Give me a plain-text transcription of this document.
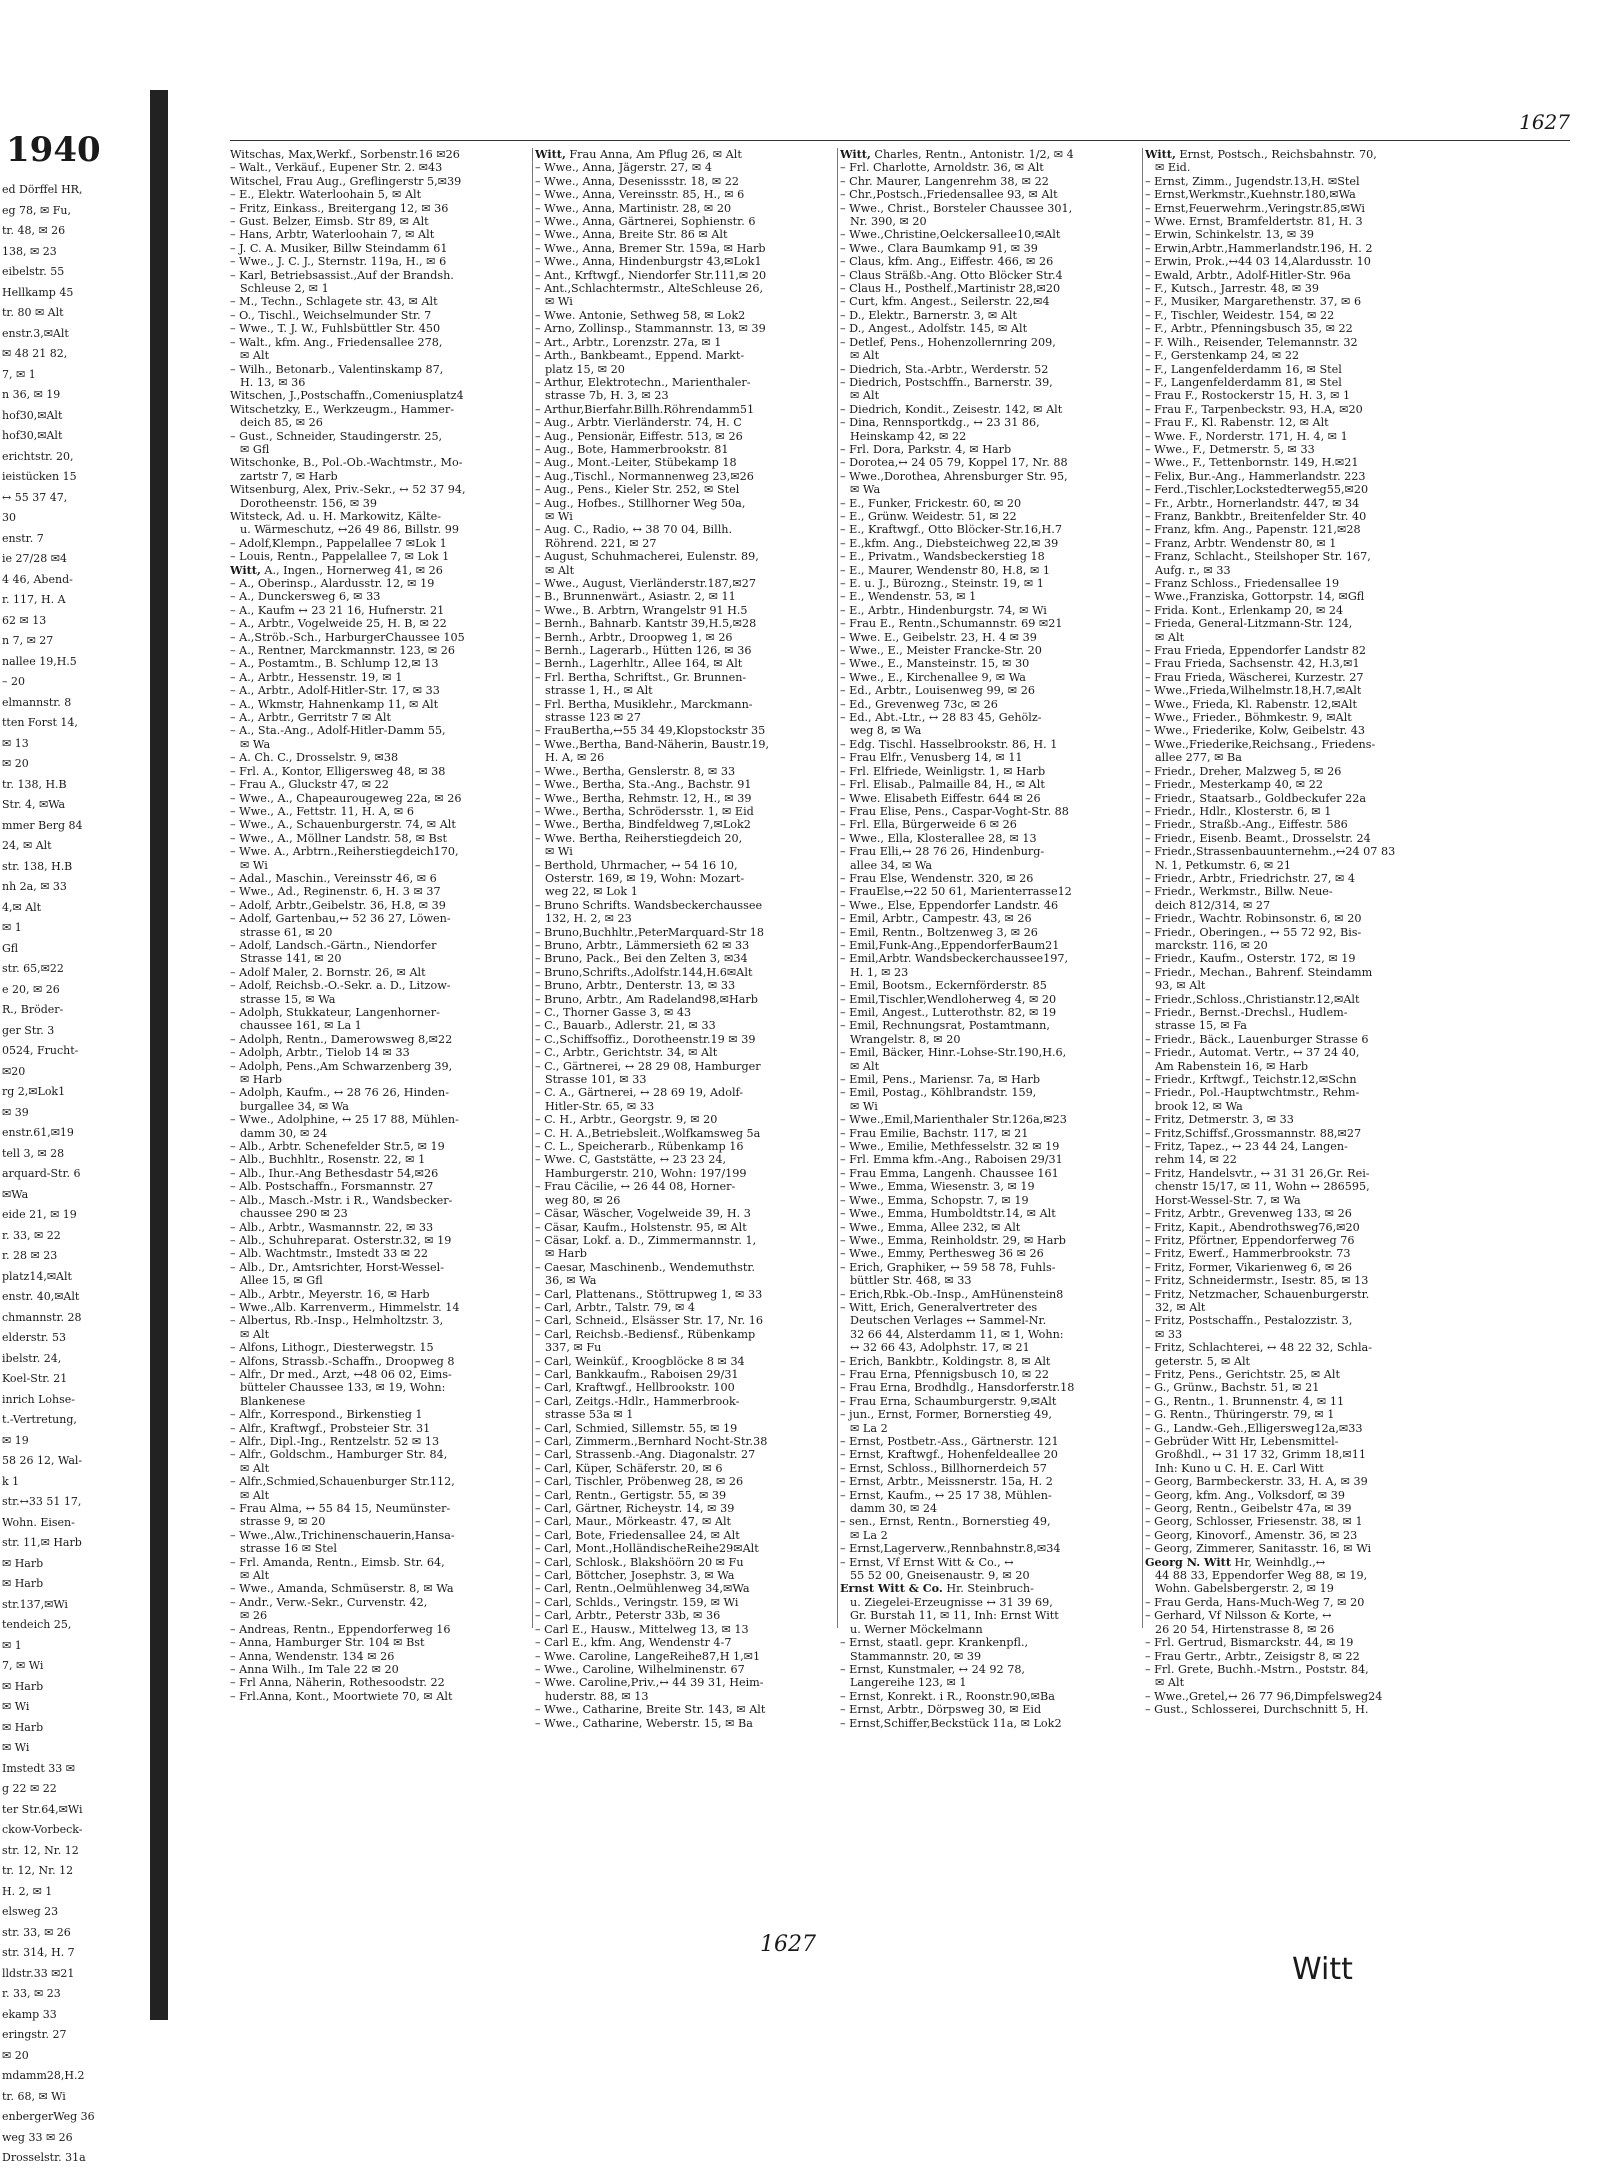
1940
ed Dörffel HR,
eg 78, ✉ Fu,
tr. 48, ✉ 26
138, ✉ 23
eibelstr. 55
Hellkamp 45
tr. 80 ✉ Alt
enstr.3,✉Alt
✉ 48 21 82,
7, ✉ 1
n 36, ✉ 19
hof30,✉Alt
hof30,✉Alt
erichtstr. 20,
ieistücken 15
↔ 55 37 47,
30
enstr. 7
ie 27/28 ✉4
4 46, Abend-
r. 117, H. A
62 ✉ 13
n 7, ✉ 27
nallee 19,H.5
– 20
elmannstr. 8
tten Forst 14,
✉ 13
✉ 20
tr. 138, H.B
Str. 4, ✉Wa
mmer Berg 84
24, ✉ Alt
str. 138, H.B
nh 2a, ✉ 33
4,✉ Alt
✉ 1
Gfl
str. 65,✉22
e 20, ✉ 26
R., Bröder-
ger Str. 3
0524, Frucht-
✉20
rg 2,✉Lok1
✉ 39
enstr.61,✉19
tell 3, ✉ 28
arquard-Str. 6
✉Wa
eide 21, ✉ 19
r. 33, ✉ 22
r. 28 ✉ 23
platz14,✉Alt
enstr. 40,✉Alt
chmannstr. 28
elderstr. 53
ibelstr. 24,
Koel-Str. 21
inrich Lohse-
t.-Vertretung,
✉ 19
58 26 12, Wal-
k 1
str.↔33 51 17,
Wohn. Eisen-
str. 11,✉ Harb
✉ Harb
✉ Harb
str.137,✉Wi
tendeich 25,
✉ 1
7, ✉ Wi
✉ Harb
✉ Wi
✉ Harb
✉ Wi
Imstedt 33 ✉
g 22 ✉ 22
ter Str.64,✉Wi
ckow-Vorbeck-
str. 12, Nr. 12
tr. 12, Nr. 12
H. 2, ✉ 1
elsweg 23
str. 33, ✉ 26
str. 314, H. 7
lldstr.33 ✉21
r. 33, ✉ 23
ekamp 33
eringstr. 27
✉ 20
mdamm28,H.2
tr. 68, ✉ Wi
enbergerWeg 36
weg 33 ✉ 26
Drosselstr. 31a
1627
Witschas, Max,Werkf., Sorbenstr.16 ✉26
– Walt., Verkäuf., Eupener Str. 2. ✉43
Witschel, Frau Aug., Greflingerstr 5,✉39
– E., Elektr. Waterloohain 5, ✉ Alt
– Fritz, Einkass., Breitergang 12, ✉ 36
– Gust. Belzer, Eimsb. Str 89, ✉ Alt
– Hans, Arbtr, Waterloohain 7, ✉ Alt
– J. C. A. Musiker, Billw Steindamm 61
– Wwe., J. C. J., Sternstr. 119a, H., ✉ 6
– Karl, Betriebsassist.,Auf der Brandsh.
Schleuse 2, ✉ 1
– M., Techn., Schlagete str. 43, ✉ Alt
– O., Tischl., Weichselmunder Str. 7
– Wwe., T. J. W., Fuhlsbüttler Str. 450
– Walt., kfm. Ang., Friedensallee 278,
✉ Alt
– Wilh., Betonarb., Valentinskamp 87,
H. 13, ✉ 36
Witschen, J.,Postschaffn.,Comeniusplatz4
Witschetzky, E., Werkzeugm., Hammer-
deich 85, ✉ 26
– Gust., Schneider, Staudingerstr. 25,
✉ Gfl
Witschonke, B., Pol.-Ob.-Wachtmstr., Mo-
zartstr 7, ✉ Harb
Witsenburg, Alex, Priv.-Sekr., ↔ 52 37 94,
Dorotheenstr. 156, ✉ 39
Witsteck, Ad. u. H. Markowitz, Kälte-
u. Wärmeschutz, ↔26 49 86, Billstr. 99
– Adolf,Klempn., Pappelallee 7 ✉Lok 1
– Louis, Rentn., Pappelallee 7, ✉ Lok 1
Witt, A., Ingen., Hornerweg 41, ✉ 26
– A., Oberinsp., Alardusstr. 12, ✉ 19
– A., Dunckersweg 6, ✉ 33
– A., Kaufm ↔ 23 21 16, Hufnerstr. 21
– A., Arbtr., Vogelweide 25, H. B, ✉ 22
– A.,Ströb.-Sch., HarburgerChaussee 105
– A., Rentner, Marckmannstr. 123, ✉ 26
– A., Postamtm., B. Schlump 12,✉ 13
– A., Arbtr., Hessenstr. 19, ✉ 1
– A., Arbtr., Adolf-Hitler-Str. 17, ✉ 33
– A., Wkmstr, Hahnenkamp 11, ✉ Alt
– A., Arbtr., Gerritstr 7 ✉ Alt
– A., Sta.-Ang., Adolf-Hitler-Damm 55,
✉ Wa
– A. Ch. C., Drosselstr. 9, ✉38
– Frl. A., Kontor, Elligersweg 48, ✉ 38
– Frau A., Gluckstr 47, ✉ 22
– Wwe., A., Chapeaurougeweg 22a, ✉ 26
– Wwe., A., Fettstr. 11, H. A, ✉ 6
– Wwe., A., Schauenburgerstr. 74, ✉ Alt
– Wwe., A., Möllner Landstr. 58, ✉ Bst
– Wwe. A., Arbtrn.,Reiherstiegdeich170,
✉ Wi
– Adal., Maschin., Vereinsstr 46, ✉ 6
– Wwe., Ad., Reginenstr. 6, H. 3 ✉ 37
– Adolf, Arbtr.,Geibelstr. 36, H.8, ✉ 39
– Adolf, Gartenbau,↔ 52 36 27, Löwen-
strasse 61, ✉ 20
– Adolf, Landsch.-Gärtn., Niendorfer
Strasse 141, ✉ 20
– Adolf Maler, 2. Bornstr. 26, ✉ Alt
– Adolf, Reichsb.-O.-Sekr. a. D., Litzow-
strasse 15, ✉ Wa
– Adolph, Stukkateur, Langenhorner-
chaussee 161, ✉ La 1
– Adolph, Rentn., Damerowsweg 8,✉22
– Adolph, Arbtr., Tielob 14 ✉ 33
– Adolph, Pens.,Am Schwarzenberg 39,
✉ Harb
– Adolph, Kaufm., ↔ 28 76 26, Hinden-
burgallee 34, ✉ Wa
– Wwe., Adolphine, ↔ 25 17 88, Mühlen-
damm 30, ✉ 24
– Alb., Arbtr. Schenefelder Str.5, ✉ 19
– Alb., Buchhltr., Rosenstr. 22, ✉ 1
– Alb., Ihur.-Ang Bethesdastr 54,✉26
– Alb. Postschaffn., Forsmannstr. 27
– Alb., Masch.-Mstr. i R., Wandsbecker-
chaussee 290 ✉ 23
– Alb., Arbtr., Wasmannstr. 22, ✉ 33
– Alb., Schuhreparat. Osterstr.32, ✉ 19
– Alb. Wachtmstr., Imstedt 33 ✉ 22
– Alb., Dr., Amtsrichter, Horst-Wessel-
Allee 15, ✉ Gfl
– Alb., Arbtr., Meyerstr. 16, ✉ Harb
– Wwe.,Alb. Karrenverm., Himmelstr. 14
– Albertus, Rb.-Insp., Helmholtzstr. 3,
✉ Alt
– Alfons, Lithogr., Diesterwegstr. 15
– Alfons, Strassb.-Schaffn., Droopweg 8
– Alfr., Dr med., Arzt, ↔48 06 02, Eims-
bütteler Chaussee 133, ✉ 19, Wohn:
Blankenese
– Alfr., Korrespond., Birkenstieg 1
– Alfr., Kraftwgf., Probsteier Str. 31
– Alfr., Dipl.-Ing., Rentzelstr. 52 ✉ 13
– Alfr., Goldschm., Hamburger Str. 84,
✉ Alt
– Alfr.,Schmied,Schauenburger Str.112,
✉ Alt
– Frau Alma, ↔ 55 84 15, Neumünster-
strasse 9, ✉ 20
– Wwe.,Alw.,Trichinenschauerin,Hansa-
strasse 16 ✉ Stel
– Frl. Amanda, Rentn., Eimsb. Str. 64,
✉ Alt
– Wwe., Amanda, Schmüserstr. 8, ✉ Wa
– Andr., Verw.-Sekr., Curvenstr. 42,
✉ 26
– Andreas, Rentn., Eppendorferweg 16
– Anna, Hamburger Str. 104 ✉ Bst
– Anna, Wendenstr. 134 ✉ 26
– Anna Wilh., Im Tale 22 ✉ 20
– Frl Anna, Näherin, Rothesoodstr. 22
– Frl.Anna, Kont., Moortwiete 70, ✉ Alt
Witt, Frau Anna, Am Pflug 26, ✉ Alt
– Wwe., Anna, Jägerstr. 27, ✉ 4
– Wwe., Anna, Desenissstr. 18, ✉ 22
– Wwe., Anna, Vereinsstr. 85, H., ✉ 6
– Wwe., Anna, Martinistr. 28, ✉ 20
– Wwe., Anna, Gärtnerei, Sophienstr. 6
– Wwe., Anna, Breite Str. 86 ✉ Alt
– Wwe., Anna, Bremer Str. 159a, ✉ Harb
– Wwe., Anna, Hindenburgstr 43,✉Lok1
– Ant., Krftwgf., Niendorfer Str.111,✉ 20
– Ant.,Schlachtermstr., AlteSchleuse 26,
✉ Wi
– Wwe. Antonie, Sethweg 58, ✉ Lok2
– Arno, Zollinsp., Stammannstr. 13, ✉ 39
– Art., Arbtr., Lorenzstr. 27a, ✉ 1
– Arth., Bankbeamt., Eppend. Markt-
platz 15, ✉ 20
– Arthur, Elektrotechn., Marienthaler-
strasse 7b, H. 3, ✉ 23
– Arthur,Bierfahr.Billh.Röhrendamm51
– Aug., Arbtr. Vierländerstr. 74, H. C
– Aug., Pensionär, Eiffestr. 513, ✉ 26
– Aug., Bote, Hammerbrookstr. 81
– Aug., Mont.-Leiter, Stübekamp 18
– Aug.,Tischl., Normannenweg 23,✉26
– Aug., Pens., Kieler Str. 252, ✉ Stel
– Aug., Hofbes., Stillhorner Weg 50a,
✉ Wi
– Aug. C., Radio, ↔ 38 70 04, Billh.
Röhrend. 221, ✉ 27
– August, Schuhmacherei, Eulenstr. 89,
✉ Alt
– Wwe., August, Vierländerstr.187,✉27
– B., Brunnenwärt., Asiastr. 2, ✉ 11
– Wwe., B. Arbtrn, Wrangelstr 91 H.5
– Bernh., Bahnarb. Kantstr 39,H.5,✉28
– Bernh., Arbtr., Droopweg 1, ✉ 26
– Bernh., Lagerarb., Hütten 126, ✉ 36
– Bernh., Lagerhltr., Allee 164, ✉ Alt
– Frl. Bertha, Schriftst., Gr. Brunnen-
strasse 1, H., ✉ Alt
– Frl. Bertha, Musiklehr., Marckmann-
strasse 123 ✉ 27
– FrauBertha,↔55 34 49,Klopstockstr 35
– Wwe.,Bertha, Band-Näherin, Baustr.19,
H. A, ✉ 26
– Wwe., Bertha, Genslerstr. 8, ✉ 33
– Wwe., Bertha, Sta.-Ang., Bachstr. 91
– Wwe., Bertha, Rehmstr. 12, H., ✉ 39
– Wwe., Bertha, Schrödersstr. 1, ✉ Eid
– Wwe., Bertha, Bindfeldweg 7,✉Lok2
– Wwe. Bertha, Reiherstiegdeich 20,
✉ Wi
– Berthold, Uhrmacher, ↔ 54 16 10,
Osterstr. 169, ✉ 19, Wohn: Mozart-
weg 22, ✉ Lok 1
– Bruno Schrifts. Wandsbeckerchaussee
132, H. 2, ✉ 23
– Bruno,Buchhltr.,PeterMarquard-Str 18
– Bruno, Arbtr., Lämmersieth 62 ✉ 33
– Bruno, Pack., Bei den Zelten 3, ✉34
– Bruno,Schrifts.,Adolfstr.144,H.6✉Alt
– Bruno, Arbtr., Denterstr. 13, ✉ 33
– Bruno, Arbtr., Am Radeland98,✉Harb
– C., Thorner Gasse 3, ✉ 43
– C., Bauarb., Adlerstr. 21, ✉ 33
– C.,Schiffsoffiz., Dorotheenstr.19 ✉ 39
– C., Arbtr., Gerichtstr. 34, ✉ Alt
– C., Gärtnerei, ↔ 28 29 08, Hamburger
Strasse 101, ✉ 33
– C. A., Gärtnerei, ↔ 28 69 19, Adolf-
Hitler-Str. 65, ✉ 33
– C. H., Arbtr., Georgstr. 9, ✉ 20
– C. H. A.,Betriebsleit.,Wolfkamsweg 5a
– C. L., Speicherarb., Rübenkamp 16
– Wwe. C, Gaststätte, ↔ 23 23 24,
Hamburgerstr. 210, Wohn: 197/199
– Frau Cäcilie, ↔ 26 44 08, Horner-
weg 80, ✉ 26
– Cäsar, Wäscher, Vogelweide 39, H. 3
– Cäsar, Kaufm., Holstenstr. 95, ✉ Alt
– Cäsar, Lokf. a. D., Zimmermannstr. 1,
✉ Harb
– Caesar, Maschinenb., Wendemuthstr.
36, ✉ Wa
– Carl, Plattenans., Stöttrupweg 1, ✉ 33
– Carl, Arbtr., Talstr. 79, ✉ 4
– Carl, Schneid., Elsässer Str. 17, Nr. 16
– Carl, Reichsb.-Bediensf., Rübenkamp
337, ✉ Fu
– Carl, Weinküf., Kroogblöcke 8 ✉ 34
– Carl, Bankkaufm., Raboisen 29/31
– Carl, Kraftwgf., Hellbrookstr. 100
– Carl, Zeitgs.-Hdlr., Hammerbrook-
strasse 53a ✉ 1
– Carl, Schmied, Sillemstr. 55, ✉ 19
– Carl, Zimmerm.,Bernhard Nocht-Str.38
– Carl, Strassenb.-Ang. Diagonalstr. 27
– Carl, Küper, Schäferstr. 20, ✉ 6
– Carl, Tischler, Pröbenweg 28, ✉ 26
– Carl, Rentn., Gertigstr. 55, ✉ 39
– Carl, Gärtner, Richeystr. 14, ✉ 39
– Carl, Maur., Mörkeastr. 47, ✉ Alt
– Carl, Bote, Friedensallee 24, ✉ Alt
– Carl, Mont.,HolländischeReihe29✉Alt
– Carl, Schlosk., Blakshöörn 20 ✉ Fu
– Carl, Böttcher, Josephstr. 3, ✉ Wa
– Carl, Rentn.,Oelmühlenweg 34,✉Wa
– Carl, Schlds., Veringstr. 159, ✉ Wi
– Carl, Arbtr., Peterstr 33b, ✉ 36
– Carl E., Hausw., Mittelweg 13, ✉ 13
– Carl E., kfm. Ang, Wendenstr 4-7
– Wwe. Caroline, LangeReihe87,H 1,✉1
– Wwe., Caroline, Wilhelminenstr. 67
– Wwe. Caroline,Priv.,↔ 44 39 31, Heim-
huderstr. 88, ✉ 13
– Wwe., Catharine, Breite Str. 143, ✉ Alt
– Wwe., Catharine, Weberstr. 15, ✉ Ba
Witt, Charles, Rentn., Antonistr. 1/2, ✉ 4
– Frl. Charlotte, Arnoldstr. 36, ✉ Alt
– Chr. Maurer, Langenrehm 38, ✉ 22
– Chr.,Postsch.,Friedensallee 93, ✉ Alt
– Wwe., Christ., Borsteler Chaussee 301,
Nr. 390, ✉ 20
– Wwe.,Christine,Oelckersallee10,✉Alt
– Wwe., Clara Baumkamp 91, ✉ 39
– Claus, kfm. Ang., Eiffestr. 466, ✉ 26
– Claus Sträßb.-Ang. Otto Blöcker Str.4
– Claus H., Posthelf.,Martinistr 28,✉20
– Curt, kfm. Angest., Seilerstr. 22,✉4
– D., Elektr., Barnerstr. 3, ✉ Alt
– D., Angest., Adolfstr. 145, ✉ Alt
– Detlef, Pens., Hohenzollernring 209,
✉ Alt
– Diedrich, Sta.-Arbtr., Werderstr. 52
– Diedrich, Postschffn., Barnerstr. 39,
✉ Alt
– Diedrich, Kondit., Zeisestr. 142, ✉ Alt
– Dina, Rennsportkdg., ↔ 23 31 86,
Heinskamp 42, ✉ 22
– Frl. Dora, Parkstr. 4, ✉ Harb
– Dorotea,↔ 24 05 79, Koppel 17, Nr. 88
– Wwe.,Dorothea, Ahrensburger Str. 95,
✉ Wa
– E., Funker, Frickestr. 60, ✉ 20
– E., Grünw. Weidestr. 51, ✉ 22
– E., Kraftwgf., Otto Blöcker-Str.16,H.7
– E.,kfm. Ang., Diebsteichweg 22,✉ 39
– E., Privatm., Wandsbeckerstieg 18
– E., Maurer, Wendenstr 80, H.8, ✉ 1
– E. u. J., Bürozng., Steinstr. 19, ✉ 1
– E., Wendenstr. 53, ✉ 1
– E., Arbtr., Hindenburgstr. 74, ✉ Wi
– Frau E., Rentn.,Schumannstr. 69 ✉21
– Wwe. E., Geibelstr. 23, H. 4 ✉ 39
– Wwe., E., Meister Francke-Str. 20
– Wwe., E., Mansteinstr. 15, ✉ 30
– Wwe., E., Kirchenallee 9, ✉ Wa
– Ed., Arbtr., Louisenweg 99, ✉ 26
– Ed., Grevenweg 73c, ✉ 26
– Ed., Abt.-Ltr., ↔ 28 83 45, Gehölz-
weg 8, ✉ Wa
– Edg. Tischl. Hasselbrookstr. 86, H. 1
– Frau Elfr., Venusberg 14, ✉ 11
– Frl. Elfriede, Weinligstr. 1, ✉ Harb
– Frl. Elisab., Palmaille 84, H., ✉ Alt
– Wwe. Elisabeth Eiffestr. 644 ✉ 26
– Frau Elise, Pens., Caspar-Voght-Str. 88
– Frl. Ella, Bürgerweide 6 ✉ 26
– Wwe., Ella, Klosterallee 28, ✉ 13
– Frau Elli,↔ 28 76 26, Hindenburg-
allee 34, ✉ Wa
– Frau Else, Wendenstr. 320, ✉ 26
– FrauElse,↔22 50 61, Marienterrasse12
– Wwe., Else, Eppendorfer Landstr. 46
– Emil, Arbtr., Campestr. 43, ✉ 26
– Emil, Rentn., Boltzenweg 3, ✉ 26
– Emil,Funk-Ang.,EppendorferBaum21
– Emil,Arbtr. Wandsbeckerchaussee197,
H. 1, ✉ 23
– Emil, Bootsm., Eckernförderstr. 85
– Emil,Tischler,Wendloherweg 4, ✉ 20
– Emil, Angest., Lutterothstr. 82, ✉ 19
– Emil, Rechnungsrat, Postamtmann,
Wrangelstr. 8, ✉ 20
– Emil, Bäcker, Hinr.-Lohse-Str.190,H.6,
✉ Alt
– Emil, Pens., Mariensr. 7a, ✉ Harb
– Emil, Postag., Köhlbrandstr. 159,
✉ Wi
– Wwe.,Emil,Marienthaler Str.126a,✉23
– Frau Emilie, Bachstr. 117, ✉ 21
– Wwe., Emilie, Methfesselstr. 32 ✉ 19
– Frl. Emma kfm.-Ang., Raboisen 29/31
– Frau Emma, Langenh. Chaussee 161
– Wwe., Emma, Wiesenstr. 3, ✉ 19
– Wwe., Emma, Schopstr. 7, ✉ 19
– Wwe., Emma, Humboldtstr.14, ✉ Alt
– Wwe., Emma, Allee 232, ✉ Alt
– Wwe., Emma, Reinholdstr. 29, ✉ Harb
– Wwe., Emmy, Perthesweg 36 ✉ 26
– Erich, Graphiker, ↔ 59 58 78, Fuhls-
büttler Str. 468, ✉ 33
– Erich,Rbk.-Ob.-Insp., AmHünenstein8
– Witt, Erich, Generalvertreter des
Deutschen Verlages ↔ Sammel-Nr.
32 66 44, Alsterdamm 11, ✉ 1, Wohn:
↔ 32 66 43, Adolphstr. 17, ✉ 21
– Erich, Bankbtr., Koldingstr. 8, ✉ Alt
– Frau Erna, Pfennigsbusch 10, ✉ 22
– Frau Erna, Brodhdlg., Hansdorferstr.18
– Frau Erna, Schaumburgerstr. 9,✉Alt
– jun., Ernst, Former, Bornerstieg 49,
✉ La 2
– Ernst, Postbetr.-Ass., Gärtnerstr. 121
– Ernst, Kraftwgf., Hohenfeldeallee 20
– Ernst, Schloss., Billhornerdeich 57
– Ernst, Arbtr., Meissnerstr. 15a, H. 2
– Ernst, Kaufm., ↔ 25 17 38, Mühlen-
damm 30, ✉ 24
– sen., Ernst, Rentn., Bornerstieg 49,
✉ La 2
– Ernst,Lagerverw.,Rennbahnstr.8,✉34
– Ernst, Vf Ernst Witt & Co., ↔
55 52 00, Gneisenaustr. 9, ✉ 20
Ernst Witt & Co. Hr. Steinbruch-
u. Ziegelei-Erzeugnisse ↔ 31 39 69,
Gr. Burstah 11, ✉ 11, Inh: Ernst Witt
u. Werner Möckelmann
– Ernst, staatl. gepr. Krankenpfl.,
Stammannstr. 20, ✉ 39
– Ernst, Kunstmaler, ↔ 24 92 78,
Langereihe 123, ✉ 1
– Ernst, Konrekt. i R., Roonstr.90,✉Ba
– Ernst, Arbtr., Dörpsweg 30, ✉ Eid
– Ernst,Schiffer,Beckstück 11a, ✉ Lok2
Witt, Ernst, Postsch., Reichsbahnstr. 70,
✉ Eid.
– Ernst, Zimm., Jugendstr.13,H. ✉Stel
– Ernst,Werkmstr.,Kuehnstr.180,✉Wa
– Ernst,Feuerwehrm.,Veringstr.85,✉Wi
– Wwe. Ernst, Bramfeldertstr. 81, H. 3
– Erwin, Schinkelstr. 13, ✉ 39
– Erwin,Arbtr.,Hammerlandstr.196, H. 2
– Erwin, Prok.,↔44 03 14,Alardusstr. 10
– Ewald, Arbtr., Adolf-Hitler-Str. 96a
– F., Kutsch., Jarrestr. 48, ✉ 39
– F., Musiker, Margarethenstr. 37, ✉ 6
– F., Tischler, Weidestr. 154, ✉ 22
– F., Arbtr., Pfenningsbusch 35, ✉ 22
– F. Wilh., Reisender, Telemannstr. 32
– F., Gerstenkamp 24, ✉ 22
– F., Langenfelderdamm 16, ✉ Stel
– F., Langenfelderdamm 81, ✉ Stel
– Frau F., Rostockerstr 15, H. 3, ✉ 1
– Frau F., Tarpenbeckstr. 93, H.A, ✉20
– Frau F., Kl. Rabenstr. 12, ✉ Alt
– Wwe. F., Norderstr. 171, H. 4, ✉ 1
– Wwe., F., Detmerstr. 5, ✉ 33
– Wwe., F., Tettenbornstr. 149, H.✉21
– Felix, Bur.-Ang., Hammerlandstr. 223
– Ferd.,Tischler,Lockstedterweg55,✉20
– Fr., Arbtr., Hornerlandstr. 447, ✉ 34
– Franz, Bankbtr., Breitenfelder Str. 40
– Franz, kfm. Ang., Papenstr. 121,✉28
– Franz, Arbtr. Wendenstr 80, ✉ 1
– Franz, Schlacht., Steilshoper Str. 167,
Aufg. r., ✉ 33
– Franz Schloss., Friedensallee 19
– Wwe.,Franziska, Gottorpstr. 14, ✉Gfl
– Frida. Kont., Erlenkamp 20, ✉ 24
– Frieda, General-Litzmann-Str. 124,
✉ Alt
– Frau Frieda, Eppendorfer Landstr 82
– Frau Frieda, Sachsenstr. 42, H.3,✉1
– Frau Frieda, Wäscherei, Kurzestr. 27
– Wwe.,Frieda,Wilhelmstr.18,H.7,✉Alt
– Wwe., Frieda, Kl. Rabenstr. 12,✉Alt
– Wwe., Frieder., Böhmkestr. 9, ✉Alt
– Wwe., Friederike, Kolw, Geibelstr. 43
– Wwe.,Friederike,Reichsang., Friedens-
allee 277, ✉ Ba
– Friedr., Dreher, Malzweg 5, ✉ 26
– Friedr., Mesterkamp 40, ✉ 22
– Friedr., Staatsarb., Goldbeckufer 22a
– Friedr., Hdlr., Klosterstr. 6, ✉ 1
– Friedr., Straßb.-Ang., Eiffestr. 586
– Friedr., Eisenb. Beamt., Drosselstr. 24
– Friedr.,Strassenbauunternehm.,↔24 07 83
N. 1, Petkumstr. 6, ✉ 21
– Friedr., Arbtr., Friedrichstr. 27, ✉ 4
– Friedr., Werkmstr., Billw. Neue-
deich 812/314, ✉ 27
– Friedr., Wachtr. Robinsonstr. 6, ✉ 20
– Friedr., Oberingen., ↔ 55 72 92, Bis-
marckstr. 116, ✉ 20
– Friedr., Kaufm., Osterstr. 172, ✉ 19
– Friedr., Mechan., Bahrenf. Steindamm
93, ✉ Alt
– Friedr.,Schloss.,Christianstr.12,✉Alt
– Friedr., Bernst.-Drechsl., Hudlem-
strasse 15, ✉ Fa
– Friedr., Bäck., Lauenburger Strasse 6
– Friedr., Automat. Vertr., ↔ 37 24 40,
Am Rabenstein 16, ✉ Harb
– Friedr., Krftwgf., Teichstr.12,✉Schn
– Friedr., Pol.-Hauptwchtmstr., Rehm-
brook 12, ✉ Wa
– Fritz, Detmerstr. 3, ✉ 33
– Fritz,Schiffsf.,Grossmannstr. 88,✉27
– Fritz, Tapez., ↔ 23 44 24, Langen-
rehm 14, ✉ 22
– Fritz, Handelsvtr., ↔ 31 31 26,Gr. Rei-
chenstr 15/17, ✉ 11, Wohn ↔ 286595,
Horst-Wessel-Str. 7, ✉ Wa
– Fritz, Arbtr., Grevenweg 133, ✉ 26
– Fritz, Kapit., Abendrothsweg76,✉20
– Fritz, Pförtner, Eppendorferweg 76
– Fritz, Ewerf., Hammerbrookstr. 73
– Fritz, Former, Vikarienweg 6, ✉ 26
– Fritz, Schneidermstr., Isestr. 85, ✉ 13
– Fritz, Netzmacher, Schauenburgerstr.
32, ✉ Alt
– Fritz, Postschaffn., Pestalozzistr. 3,
✉ 33
– Fritz, Schlachterei, ↔ 48 22 32, Schla-
geterstr. 5, ✉ Alt
– Fritz, Pens., Gerichtstr. 25, ✉ Alt
– G., Grünw., Bachstr. 51, ✉ 21
– G., Rentn., 1. Brunnenstr. 4, ✉ 11
– G. Rentn., Thüringerstr. 79, ✉ 1
– G., Landw.-Geh.,Elligersweg12a,✉33
– Gebrüder Witt Hr, Lebensmittel-
Großhdl., ↔ 31 17 32, Grimm 18,✉11
Inh: Kuno u C. H. E. Carl Witt
– Georg, Barmbeckerstr. 33, H. A, ✉ 39
– Georg, kfm. Ang., Volksdorf, ✉ 39
– Georg, Rentn., Geibelstr 47a, ✉ 39
– Georg, Schlosser, Friesenstr. 38, ✉ 1
– Georg, Kinovorf., Amenstr. 36, ✉ 23
– Georg, Zimmerer, Sanitasstr. 16, ✉ Wi
Georg N. Witt Hr, Weinhdlg.,↔
44 88 33, Eppendorfer Weg 88, ✉ 19,
Wohn. Gabelsbergerstr. 2, ✉ 19
– Frau Gerda, Hans-Much-Weg 7, ✉ 20
– Gerhard, Vf Nilsson & Korte, ↔
26 20 54, Hirtenstrasse 8, ✉ 26
– Frl. Gertrud, Bismarckstr. 44, ✉ 19
– Frau Gertr., Arbtr., Zeisigstr 8, ✉ 22
– Frl. Grete, Buchh.-Mstrn., Poststr. 84,
✉ Alt
– Wwe.,Gretel,↔ 26 77 96,Dimpfelsweg24
– Gust., Schlosserei, Durchschnitt 5, H.
1627
Witt
